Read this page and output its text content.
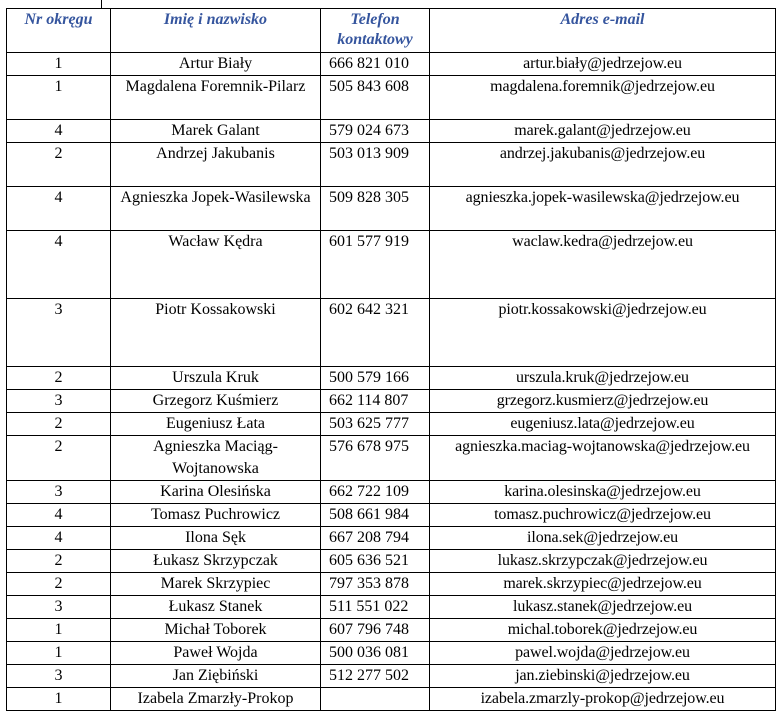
Nr okręgu	Imię i nazwisko	Telefon kontaktowy	Adres e-mail
1	Artur Biały	666 821 010	artur.biały@jedrzejow.eu
1	Magdalena Foremnik-Pilarz	505 843 608	magdalena.foremnik@jedrzejow.eu
4	Marek Galant	579 024 673	marek.galant@jedrzejow.eu
2	Andrzej Jakubanis	503 013 909	andrzej.jakubanis@jedrzejow.eu
4	Agnieszka Jopek-Wasilewska	509 828 305	agnieszka.jopek-wasilewska@jedrzejow.eu
4	Wacław Kędra	601 577 919	waclaw.kedra@jedrzejow.eu
3	Piotr Kossakowski	602 642 321	piotr.kossakowski@jedrzejow.eu
2	Urszula Kruk	500 579 166	urszula.kruk@jedrzejow.eu
3	Grzegorz Kuśmierz	662 114 807	grzegorz.kusmierz@jedrzejow.eu
2	Eugeniusz Łata	503 625 777	eugeniusz.lata@jedrzejow.eu
2	Agnieszka Maciąg-Wojtanowska	576 678 975	agnieszka.maciag-wojtanowska@jedrzejow.eu
3	Karina Olesińska	662 722 109	karina.olesinska@jedrzejow.eu
4	Tomasz Puchrowicz	508 661 984	tomasz.puchrowicz@jedrzejow.eu
4	Ilona Sęk	667 208 794	ilona.sek@jedrzejow.eu
2	Łukasz Skrzypczak	605 636 521	lukasz.skrzypczak@jedrzejow.eu
2	Marek Skrzypiec	797 353 878	marek.skrzypiec@jedrzejow.eu
3	Łukasz Stanek	511 551 022	lukasz.stanek@jedrzejow.eu
1	Michał Toborek	607 796 748	michal.toborek@jedrzejow.eu
1	Paweł Wojda	500 036 081	pawel.wojda@jedrzejow.eu
3	Jan Ziębiński	512 277 502	jan.ziebinski@jedrzejow.eu
1	Izabela Zmarzły-Prokop		izabela.zmarzly-prokop@jedrzejow.eu
